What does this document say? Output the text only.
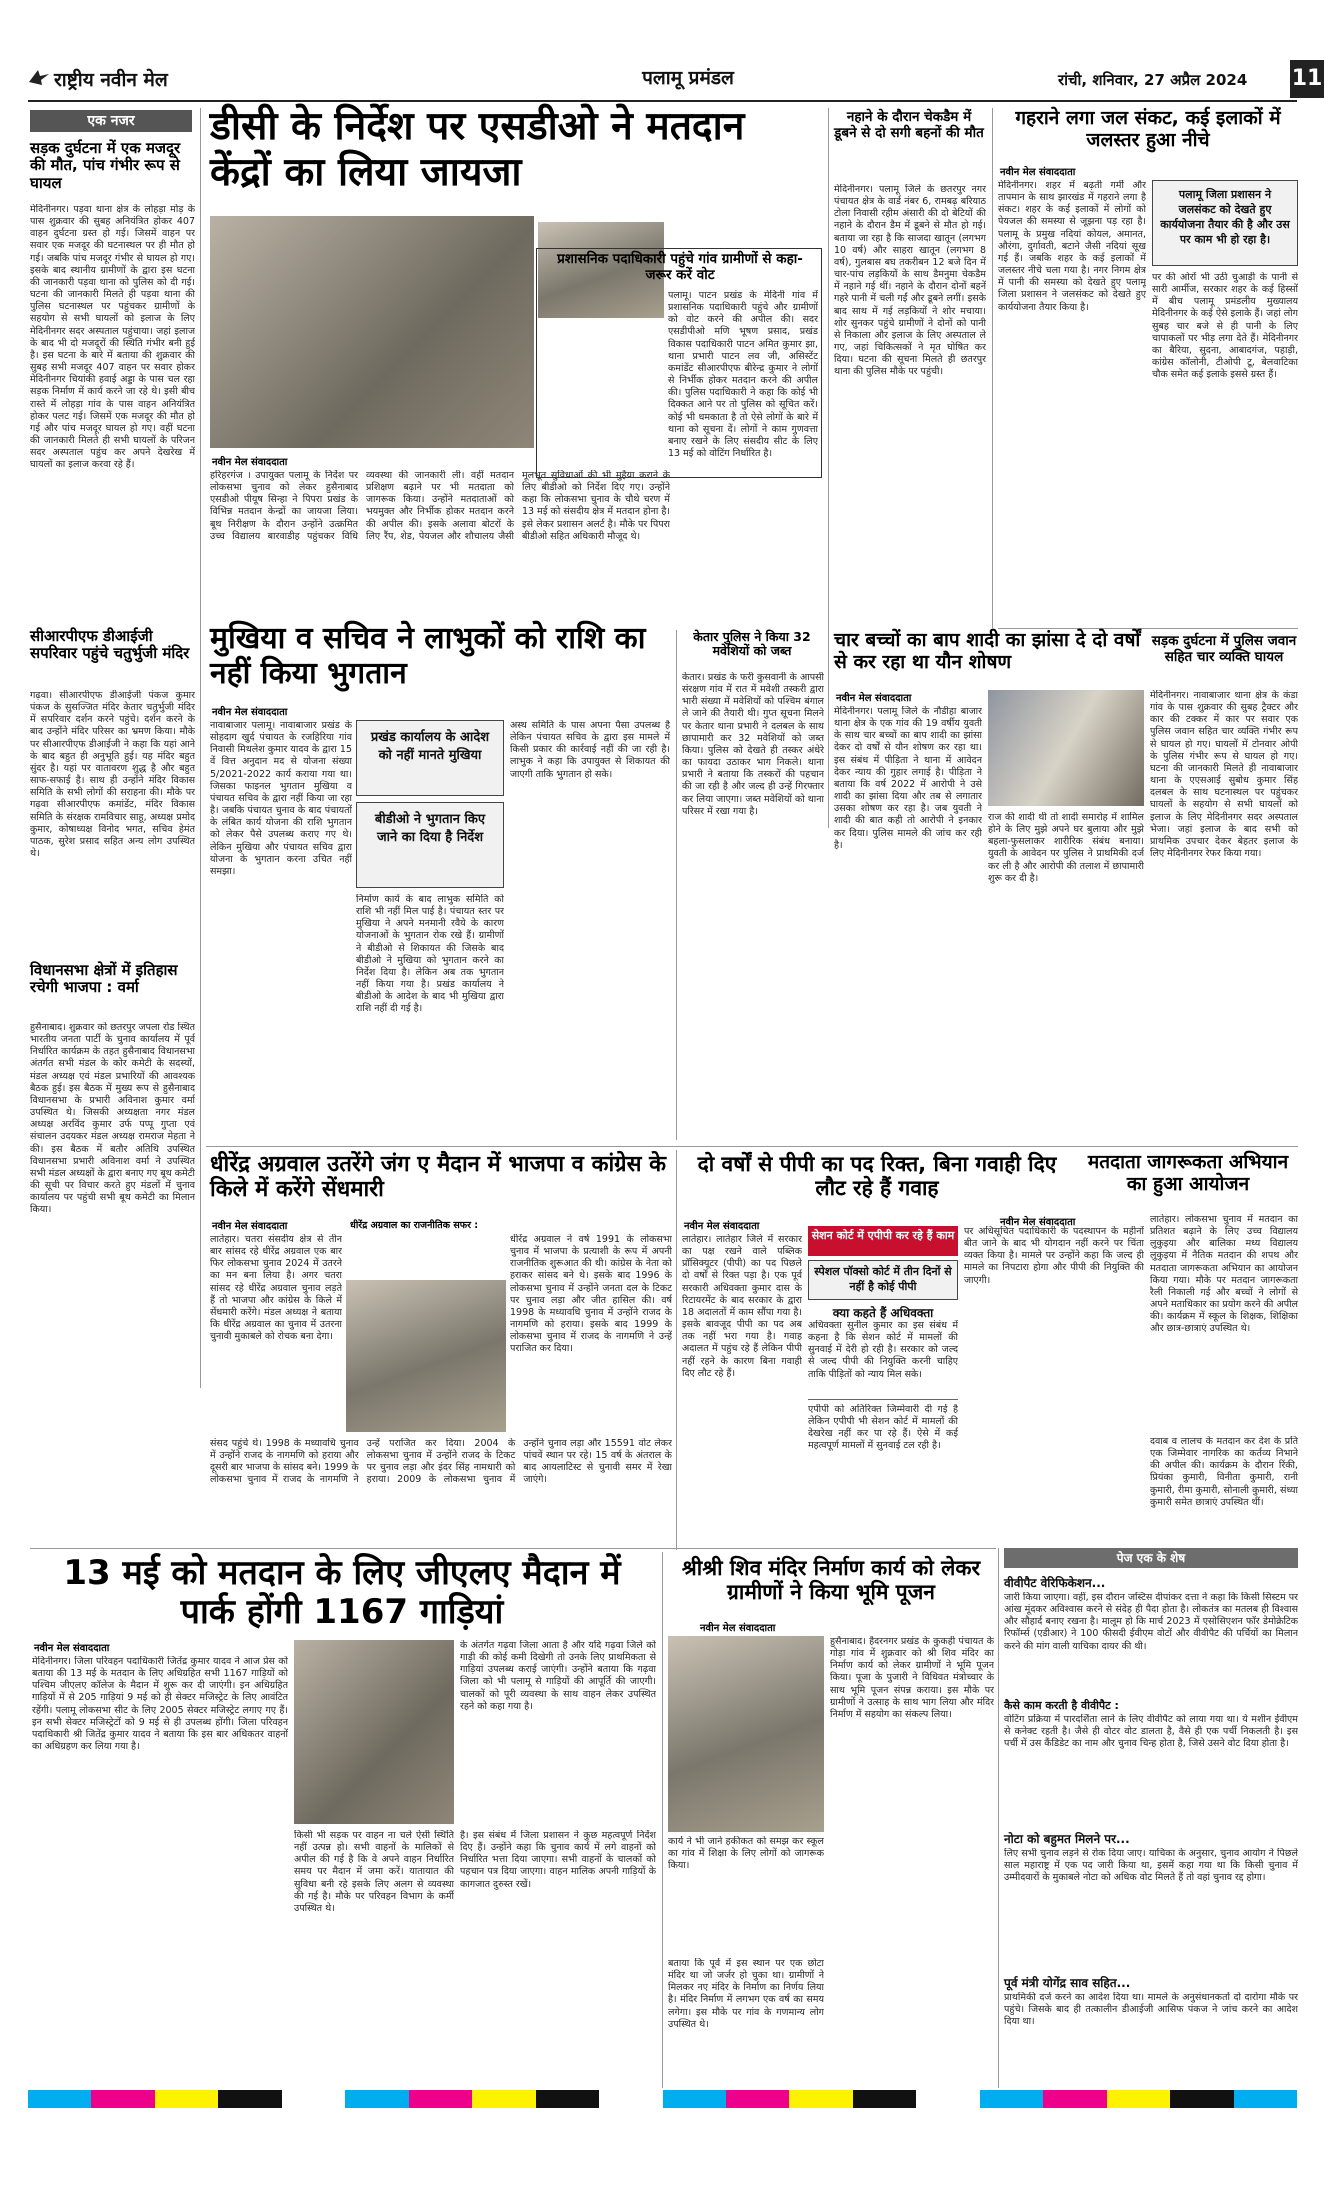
राष्ट्रीय नवीन मेल	पलामू प्रमंडल	रांची, शनिवार, 27 अप्रैल 2024 11
एक नजर
सड़क दुर्घटना में एक मजदूर की मौत, पांच गंभीर रूप से घायल
मेदिनीनगर। पड़वा थाना क्षेत्र के लोहड़ा मोड़ के पास शुक्रवार की सुबह अनियंत्रित होकर 407 वाहन दुर्घटना ग्रस्त हो गई। जिसमें वाहन पर सवार एक मजदूर की घटनास्थल पर ही मौत हो गई। जबकि पांच मजदूर गंभीर से घायल हो गए। इसके बाद स्थानीय ग्रामीणों के द्वारा इस घटना की जानकारी पड़वा थाना को पुलिस को दी गई। घटना की जानकारी मिलते ही पड़वा थाना की पुलिस घटनास्थल पर पहुंचकर ग्रामीणों के सहयोग से सभी घायलों को इलाज के लिए मेदिनीनगर सदर अस्पताल पहुंचाया। जहां इलाज के बाद भी दो मजदूरों की स्थिति गंभीर बनी हुई है। इस घटना के बारे में बताया की शुक्रवार की सुबह सभी मजदूर 407 वाहन पर सवार होकर मेदिनीनगर चियांकी हवाई अड्डा के पास चल रहा सड़क निर्माण में कार्य करने जा रहे थे। इसी बीच रास्ते में लोहड़ा गांव के पास वाहन अनियंत्रित होकर पलट गई। जिसमें एक मजदूर की मौत हो गई और पांच मजदूर घायल हो गए। वहीं घटना की जानकारी मिलते ही सभी घायलों के परिजन सदर अस्पताल पहुंच कर अपने देखरेख में घायलों का इलाज करवा रहे हैं।
सीआरपीएफ डीआईजी सपरिवार पहुंचे चतुर्भुजी मंदिर
गढ़वा। सीआरपीएफ डीआईजी पंकज कुमार पंकज के सुसज्जित मंदिर केतार चतुर्भुजी मंदिर में सपरिवार दर्शन करने पहुंचे। दर्शन करने के बाद उन्होंने मंदिर परिसर का भ्रमण किया। मौके पर सीआरपीएफ डीआईजी ने कहा कि यहां आने के बाद बहुत ही अनुभूति हुई। यह मंदिर बहुत सुंदर है। यहां पर वातावरण शुद्ध है और बहुत साफ-सफाई है। साथ ही उन्होंने मंदिर विकास समिति के सभी लोगों की सराहना की। मौके पर गढ़वा सीआरपीएफ कमांडेंट, मंदिर विकास समिति के संरक्षक रामविचार साहू, अध्यक्ष प्रमोद कुमार, कोषाध्यक्ष विनोद भगत, सचिव हेमंत पाठक, सुरेश प्रसाद सहित अन्य लोग उपस्थित थे।
विधानसभा क्षेत्रों में इतिहास रचेगी भाजपा : वर्मा
हुसैनाबाद। शुक्रवार को छतरपुर जपला रोड स्थित भारतीय जनता पार्टी के चुनाव कार्यालय में पूर्व निर्धारित कार्यक्रम के तहत हुसैनाबाद विधानसभा अंतर्गत सभी मंडल के कोर कमेटी के सदस्यों, मंडल अध्यक्ष एवं मंडल प्रभारियों की आवश्यक बैठक हुई। इस बैठक में मुख्य रूप से हुसैनाबाद विधानसभा के प्रभारी अविनाश कुमार वर्मा उपस्थित थे। जिसकी अध्यक्षता नगर मंडल अध्यक्ष अरविंद कुमार उर्फ पप्पू गुप्ता एवं संचालन उदयकर मंडल अध्यक्ष रामराज मेहता ने की। इस बैठक में बतौर अतिथि उपस्थित विधानसभा प्रभारी अविनाश वर्मा ने उपस्थित सभी मंडल अध्यक्षों के द्वारा बनाए गए बूथ कमेटी की सूची पर विचार करते हुए मंडलों में चुनाव कार्यालय पर पहुंची सभी बूथ कमेटी का मिलान किया।
डीसी के निर्देश पर एसडीओ ने मतदान केंद्रों का लिया जायजा
नवीन मेल संवाददाता
हरिहरगंज । उपायुक्त पलामू के निर्देश पर लोकसभा चुनाव को लेकर हुसैनाबाद एसडीओ पीयूष सिन्हा ने पिपरा प्रखंड के विभिन्न मतदान केन्द्रों का जायजा लिया। बूथ निरीक्षण के दौरान उन्होंने उत्क्रमित उच्च विद्यालय बारवाडीह पहुंचकर विधि व्यवस्था की जानकारी ली। वहीं मतदान प्रशिक्षण बढ़ाने पर भी मतदाता को जागरूक किया। उन्होंने मतदाताओं को भयमुक्त और निर्भीक होकर मतदान करने की अपील की। इसके अलावा बोटरों के लिए रैंप, शेड, पेयजल और शौचालय जैसी मूलभूत सुविधाओं की भी मुहैया कराने के लिए बीडीओ को निर्देश दिए गए। उन्होंने कहा कि लोकसभा चुनाव के चौथे चरण में 13 मई को संसदीय क्षेत्र में मतदान होना है। इसे लेकर प्रशासन अलर्ट है। मौके पर पिपरा बीडीओ सहित अधिकारी मौजूद थे।
प्रशासनिक पदाधिकारी पहुंचे गांव ग्रामीणों से कहा- जरूर करें वोट
पलामू। पाटन प्रखंड के मेदिनी गांव में प्रशासनिक पदाधिकारी पहुंचे और ग्रामीणों को वोट करने की अपील की। सदर एसडीपीओ मणि भूषण प्रसाद, प्रखंड विकास पदाधिकारी पाटन अमित कुमार झा, थाना प्रभारी पाटन लव जी, असिस्टेंट कमांडेंट सीआरपीएफ बीरेन्द्र कुमार ने लोगों से निर्भीक होकर मतदान करने की अपील की। पुलिस पदाधिकारी ने कहा कि कोई भी दिक्कत आने पर तो पुलिस को सूचित करें। कोई भी धमकाता है तो ऐसे लोगों के बारे में थाना को सूचना दें। लोगों ने काम गुणवत्ता बनाए रखने के लिए संसदीय सीट के लिए 13 मई को वोटिंग निर्धारित है।
नहाने के दौरान चेकडैम में डूबने से दो सगी बहनों की मौत
मेदिनीनगर। पलामू जिले के छतरपुर नगर पंचायत क्षेत्र के वार्ड नंबर 6, रामबढ़ बरियाठ टोला निवासी रहीम अंसारी की दो बेटियों की नहाने के दौरान डैम में डूबने से मौत हो गई। बताया जा रहा है कि साजदा खातून (लगभग 10 वर्ष) और साहरा खातून (लगभग 8 वर्ष), गुलबास बघ तकरीबन 12 बजे दिन में चार-पांच लड़कियों के साथ डैमनुमा चेकडैम में नहाने गई थीं। नहाने के दौरान दोनों बहनें गहरे पानी में चली गईं और डूबने लगीं। इसके बाद साथ में गई लड़कियों ने शोर मचाया। शोर सुनकर पहुंचे ग्रामीणों ने दोनों को पानी से निकाला और इलाज के लिए अस्पताल ले गए, जहां चिकित्सकों ने मृत घोषित कर दिया। घटना की सूचना मिलते ही छतरपुर थाना की पुलिस मौके पर पहुंची।
गहराने लगा जल संकट, कई इलाकों में जलस्तर हुआ नीचे
नवीन मेल संवाददाता
मेदिनीनगर। शहर में बढ़ती गर्मी और तापमान के साथ झारखंड में गहराने लगा है संकट। शहर के कई इलाकों में लोगों को पेयजल की समस्या से जूझना पड़ रहा है। पलामू के प्रमुख नदियां कोयल, अमानत, औरंगा, दुर्गावती, बटाने जैसी नदियां सूख गई हैं। जबकि शहर के कई इलाकों में जलस्तर नीचे चला गया है। नगर निगम क्षेत्र में पानी की समस्या को देखते हुए पलामू जिला प्रशासन ने जलसंकट को देखते हुए कार्ययोजना तैयार किया है।
पलामू जिला प्रशासन ने जलसंकट को देखते हुए कार्ययोजना तैयार की है और उस पर काम भी हो रहा है।
पर की ओरों भी उठी चुआड़ी के पानी से सारी आर्मीज, सरकार शहर के कई हिस्सों में बीच पलामू प्रमंडलीय मुख्यालय मेदिनीनगर के कई ऐसे इलाके हैं। जहां लोग सुबह चार बजे से ही पानी के लिए चापाकलों पर भीड़ लगा देते हैं। मेदिनीनगर का बैरिया, सुदना, आबादगंज, पहाड़ी, कांग्रेस कॉलोनी, टीओपी टू, बेलवाटिका चौक समेत कई इलाके इससे ग्रस्त हैं।
सड़क दुर्घटना में पुलिस जवान सहित चार व्यक्ति घायल
मेदिनीनगर। नावाबाजार थाना क्षेत्र के कंडा गांव के पास शुक्रवार की सुबह ट्रैक्टर और कार की टक्कर में कार पर सवार एक पुलिस जवान सहित चार व्यक्ति गंभीर रूप से घायल हो गए। घायलों में टोनवार ओपी के पुलिस गंभीर रूप से घायल हो गए। घटना की जानकारी मिलते ही नावाबाजार थाना के एएसआई सुबोध कुमार सिंह दलबल के साथ घटनास्थल पर पहुंचकर घायलों के सहयोग से सभी घायलों को इलाज के लिए मेदिनीनगर सदर अस्पताल भेजा। जहां इलाज के बाद सभी को प्राथमिक उपचार देकर बेहतर इलाज के लिए मेदिनीनगर रेफर किया गया।
मुखिया व सचिव ने लाभुकों को राशि का नहीं किया भुगतान
नवीन मेल संवाददाता
नावाबाजार पलामू। नावाबाजार प्रखंड के सोहदाग खुर्द पंचायत के रजहिरिया गांव निवासी मिथलेश कुमार यादव के द्वारा 15 वें वित्त अनुदान मद से योजना संख्या 5/2021-2022 कार्य कराया गया था। जिसका फाइनल भुगतान मुखिया व पंचायत सचिव के द्वारा नहीं किया जा रहा है। जबकि पंचायत चुनाव के बाद पंचायतों के लंबित कार्य योजना की राशि भुगतान को लेकर पैसे उपलब्ध कराए गए थे। लेकिन मुखिया और पंचायत सचिव द्वारा योजना के भुगतान करना उचित नहीं समझा।
प्रखंड कार्यालय के आदेश को नहीं मानते मुखिया
बीडीओ ने भुगतान किए जाने का दिया है निर्देश
निर्माण कार्य के बाद लाभुक समिति को राशि भी नहीं मिल पाई है। पंचायत स्तर पर मुखिया ने अपने मनमानी रवैये के कारण योजनाओं के भुगतान रोक रखे हैं। ग्रामीणों ने बीडीओ से शिकायत की जिसके बाद बीडीओ ने मुखिया को भुगतान करने का निर्देश दिया है। लेकिन अब तक भुगतान नहीं किया गया है। प्रखंड कार्यालय ने बीडीओ के आदेश के बाद भी मुखिया द्वारा राशि नहीं दी गई है।
अस्थ समिति के पास अपना पैसा उपलब्ध है लेकिन पंचायत सचिव के द्वारा इस मामले में किसी प्रकार की कार्रवाई नहीं की जा रही है। लाभुक ने कहा कि उपायुक्त से शिकायत की जाएगी ताकि भुगतान हो सके।
केतार पुलिस ने किया 32 मवेशियों को जब्त
केतार। प्रखंड के फरी कुसवानी के आपसी संरक्षण गांव में रात में मवेशी तस्करी द्वारा भारी संख्या में मवेशियों को पश्चिम बंगाल ले जाने की तैयारी थी। गुप्त सूचना मिलने पर केतार थाना प्रभारी ने दलबल के साथ छापामारी कर 32 मवेशियों को जब्त किया। पुलिस को देखते ही तस्कर अंधेरे का फायदा उठाकर भाग निकले। थाना प्रभारी ने बताया कि तस्करों की पहचान की जा रही है और जल्द ही उन्हें गिरफ्तार कर लिया जाएगा। जब्त मवेशियों को थाना परिसर में रखा गया है।
चार बच्चों का बाप शादी का झांसा दे दो वर्षों से कर रहा था यौन शोषण
नवीन मेल संवाददाता
मेदिनीनगर। पलामू जिले के नौडीहा बाजार थाना क्षेत्र के एक गांव की 19 वर्षीय युवती के साथ चार बच्चों का बाप शादी का झांसा देकर दो वर्षों से यौन शोषण कर रहा था। इस संबंध में पीड़िता ने थाना में आवेदन देकर न्याय की गुहार लगाई है। पीड़िता ने बताया कि वर्ष 2022 में आरोपी ने उसे शादी का झांसा दिया और तब से लगातार उसका शोषण कर रहा है। जब युवती ने शादी की बात कही तो आरोपी ने इनकार कर दिया। पुलिस मामले की जांच कर रही है।
राज की शादी थी तो शादी समारोह में शामिल होने के लिए मुझे अपने घर बुलाया और मुझे बहला-फुसलाकर शारीरिक संबंध बनाया। युवती के आवेदन पर पुलिस ने प्राथमिकी दर्ज कर ली है और आरोपी की तलाश में छापामारी शुरू कर दी है।
धीरेंद्र अग्रवाल उतरेंगे जंग ए मैदान में भाजपा व कांग्रेस के किले में करेंगे सेंधमारी
नवीन मेल संवाददाता
लातेहार। चतरा संसदीय क्षेत्र से तीन बार सांसद रहे धीरेंद्र अग्रवाल एक बार फिर लोकसभा चुनाव 2024 में उतरने का मन बना लिया है। अगर चतरा सांसद रहे धीरेंद्र अग्रवाल चुनाव लड़ते हैं तो भाजपा और कांग्रेस के किले में सेंधमारी करेंगे। मंडल अध्यक्ष ने बताया कि धीरेंद्र अग्रवाल का चुनाव में उतरना चुनावी मुकाबले को रोचक बना देगा।
धीरेंद्र अग्रवाल का राजनीतिक सफर :
धीरेंद्र अग्रवाल ने वर्ष 1991 के लोकसभा चुनाव में भाजपा के प्रत्याशी के रूप में अपनी राजनीतिक शुरूआत की थी। कांग्रेस के नेता को हराकर सांसद बने थे। इसके बाद 1996 के लोकसभा चुनाव में उन्होंने जनता दल के टिकट पर चुनाव लड़ा और जीत हासिल की। वर्ष 1998 के मध्यावधि चुनाव में उन्होंने राजद के नागमणि को हराया। इसके बाद 1999 के लोकसभा चुनाव में राजद के नागमणि ने उन्हें पराजित कर दिया।
संसद पहुंचे थे। 1998 के मध्यावधि चुनाव में उन्होंने राजद के नागमणि को हराया और दूसरी बार भाजपा के सांसद बने। 1999 के लोकसभा चुनाव में राजद के नागमणि ने उन्हें पराजित कर दिया। 2004 के लोकसभा चुनाव में उन्होंने राजद के टिकट पर चुनाव लड़ा और इंदर सिंह नामधारी को हराया। 2009 के लोकसभा चुनाव में उन्होंने चुनाव लड़ा और 15591 वोट लेकर पांचवें स्थान पर रहे। 15 वर्ष के अंतराल के बाद आयलाटिस्ट से चुनावी समर में रेखा जाएंगे।
दो वर्षों से पीपी का पद रिक्त, बिना गवाही दिए लौट रहे हैं गवाह
नवीन मेल संवाददाता
लातेहार। लातेहार जिले में सरकार का पक्ष रखने वाले पब्लिक प्रॉसिक्यूटर (पीपी) का पद पिछले दो वर्षों से रिक्त पड़ा है। एक पूर्व सरकारी अधिवक्ता कुमार दास के रिटायरमेंट के बाद सरकार के द्वारा 18 अदालतों में काम सौंपा गया है। इसके बावजूद पीपी का पद अब तक नहीं भरा गया है। गवाह अदालत में पहुंच रहे हैं लेकिन पीपी नहीं रहने के कारण बिना गवाही दिए लौट रहे हैं।
सेशन कोर्ट में एपीपी कर रहे हैं काम
स्पेशल पॉक्सो कोर्ट में तीन दिनों से नहीं है कोई पीपी
क्या कहते हैं अधिवक्ता
अधिवक्ता सुनील कुमार का इस संबंध में कहना है कि सेशन कोर्ट में मामलों की सुनवाई में देरी हो रही है। सरकार को जल्द से जल्द पीपी की नियुक्ति करनी चाहिए ताकि पीड़ितों को न्याय मिल सके।
एपीपी को अतिरिक्त जिम्मेवारी दी गई है लेकिन एपीपी भी सेशन कोर्ट में मामलों की देखरेख नहीं कर पा रहे हैं। ऐसे में कई महत्वपूर्ण मामलों में सुनवाई टल रही है।
पर अधिसूचित पदाधिकारी के पदस्थापन के महीनों बीत जाने के बाद भी योगदान नहीं करने पर चिंता व्यक्त किया है। मामले पर उन्होंने कहा कि जल्द ही मामले का निपटारा होगा और पीपी की नियुक्ति की जाएगी।
मतदाता जागरूकता अभियान का हुआ आयोजन
नवीन मेल संवाददाता	लातेहार। लोकसभा चुनाव में मतदान का प्रतिशत बढ़ाने के लिए उच्च विद्यालय लुकुइया और बालिका मध्य विद्यालय लुकुइया में नैतिक मतदान की शपथ और मतदाता जागरूकता अभियान का आयोजन किया गया। मौके पर मतदान जागरूकता रैली निकाली गई और बच्चों ने लोगों से अपने मताधिकार का प्रयोग करने की अपील की। कार्यक्रम में स्कूल के शिक्षक, शिक्षिका और छात्र-छात्राएं उपस्थित थे।
दवाब व लालच के मतदान कर देश के प्रति एक जिम्मेवार नागरिक का कर्तव्य निभाने की अपील की। कार्यक्रम के दौरान रिंकी, प्रियंका कुमारी, विनीता कुमारी, रानी कुमारी, रीमा कुमारी, सोनाली कुमारी, संध्या कुमारी समेत छात्राएं उपस्थित थीं।
पेज एक के शेष
वीवीपैट वेरिफिकेशन...
जारी किया जाएगा। वहीं, इस दौरान जस्टिस दीपांकर दत्ता ने कहा कि किसी सिस्टम पर आंख मूंदकर अविश्वास करने से संदेह ही पैदा होता है। लोकतंत्र का मतलब ही विश्वास और सौहार्द बनाए रखना है। मालूम हो कि मार्च 2023 में एसोसिएशन फॉर डेमोक्रेटिक रिफॉर्म्स (एडीआर) ने 100 फीसदी ईवीएम वोटों और वीवीपैट की पर्चियों का मिलान करने की मांग वाली याचिका दायर की थी।
कैसे काम करती है वीवीपैट :
वोटिंग प्रक्रिया में पारदर्शिता लाने के लिए वीवीपैट को लाया गया था। ये मशीन ईवीएम से कनेक्ट रहती है। जैसे ही वोटर वोट डालता है, वैसे ही एक पर्ची निकलती है। इस पर्ची में उस कैंडिडेट का नाम और चुनाव चिन्ह होता है, जिसे उसने वोट दिया होता है।
नोटा को बहुमत मिलने पर...
लिए सभी चुनाव लड़ने से रोक दिया जाए। याचिका के अनुसार, चुनाव आयोग ने पिछले साल महाराष्ट्र में एक पद जारी किया था, इसमें कहा गया था कि किसी चुनाव में उम्मीदवारों के मुकाबले नोटा को अधिक वोट मिलते हैं तो वहां चुनाव रद्द होगा।
पूर्व मंत्री योगेंद्र साव सहित...
प्राथमिकी दर्ज करने का आदेश दिया था। मामले के अनुसंधानकर्ता दो दारोगा मौके पर पहुंचे। जिसके बाद ही तत्कालीन डीआईजी आसिफ पंकज ने जांच करने का आदेश दिया था।
13 मई को मतदान के लिए जीएलए मैदान में पार्क होंगी 1167 गाड़ियां
नवीन मेल संवाददाता
मेदिनीनगर। जिला परिवहन पदाधिकारी जितेंद्र कुमार यादव ने आज प्रेस को बताया की 13 मई के मतदान के लिए अधिग्रहित सभी 1167 गाड़ियों को पश्चिम जीएलए कॉलेज के मैदान में शुरू कर दी जाएंगी। इन अधिग्रहित गाड़ियों में से 205 गाड़ियां 9 मई को ही सेक्टर मजिस्ट्रेट के लिए आवंटित रहेंगी। पलामू लोकसभा सीट के लिए 2005 सेक्टर मजिस्ट्रेट लगाए गए हैं। इन सभी सेक्टर मजिस्ट्रेटों को 9 मई से ही उपलब्ध होंगी। जिला परिवहन पदाधिकारी श्री जितेंद्र कुमार यादव ने बताया कि इस बार अधिकतर वाहनों का अधिग्रहण कर लिया गया है।
के अंतर्गत गढ़वा जिला आता है और यदि गढ़वा जिले को गाड़ी की कोई कमी दिखेगी तो उनके लिए प्राथमिकता से गाड़ियां उपलब्ध कराई जाएंगी। उन्होंने बताया कि गढ़वा जिला को भी पलामू से गाड़ियों की आपूर्ति की जाएगी। चालकों को पूरी व्यवस्था के साथ वाहन लेकर उपस्थित रहने को कहा गया है।
किसी भी सड़क पर वाहन ना चले ऐसी स्थिति नहीं उत्पन्न हो। सभी वाहनों के मालिकों से अपील की गई है कि वे अपने वाहन निर्धारित समय पर मैदान में जमा करें। यातायात की सुविधा बनी रहे इसके लिए अलग से व्यवस्था की गई है। मौके पर परिवहन विभाग के कर्मी उपस्थित थे।
है। इस संबंध में जिला प्रशासन ने कुछ महत्वपूर्ण निर्देश दिए हैं। उन्होंने कहा कि चुनाव कार्य में लगे वाहनों को निर्धारित भत्ता दिया जाएगा। सभी वाहनों के चालकों को पहचान पत्र दिया जाएगा। वाहन मालिक अपनी गाड़ियों के कागजात दुरुस्त रखें।
श्रीश्री शिव मंदिर निर्माण कार्य को लेकर ग्रामीणों ने किया भूमि पूजन
नवीन मेल संवाददाता
हुसैनाबाद। हैदरनगर प्रखंड के कुकही पंचायत के गोड़ा गांव में शुक्रवार को श्री शिव मंदिर का निर्माण कार्य को लेकर ग्रामीणों ने भूमि पूजन किया। पूजा के पुजारी ने विधिवत मंत्रोच्चार के साथ भूमि पूजन संपन्न कराया। इस मौके पर ग्रामीणों ने उत्साह के साथ भाग लिया और मंदिर निर्माण में सहयोग का संकल्प लिया।
कार्य ने भी जाने हकीकत को समझ कर स्कूल का गांव में शिक्षा के लिए लोगों को जागरूक किया।
बताया कि पूर्व में इस स्थान पर एक छोटा मंदिर था जो जर्जर हो चुका था। ग्रामीणों ने मिलकर नए मंदिर के निर्माण का निर्णय लिया है। मंदिर निर्माण में लगभग एक वर्ष का समय लगेगा। इस मौके पर गांव के गणमान्य लोग उपस्थित थे।
